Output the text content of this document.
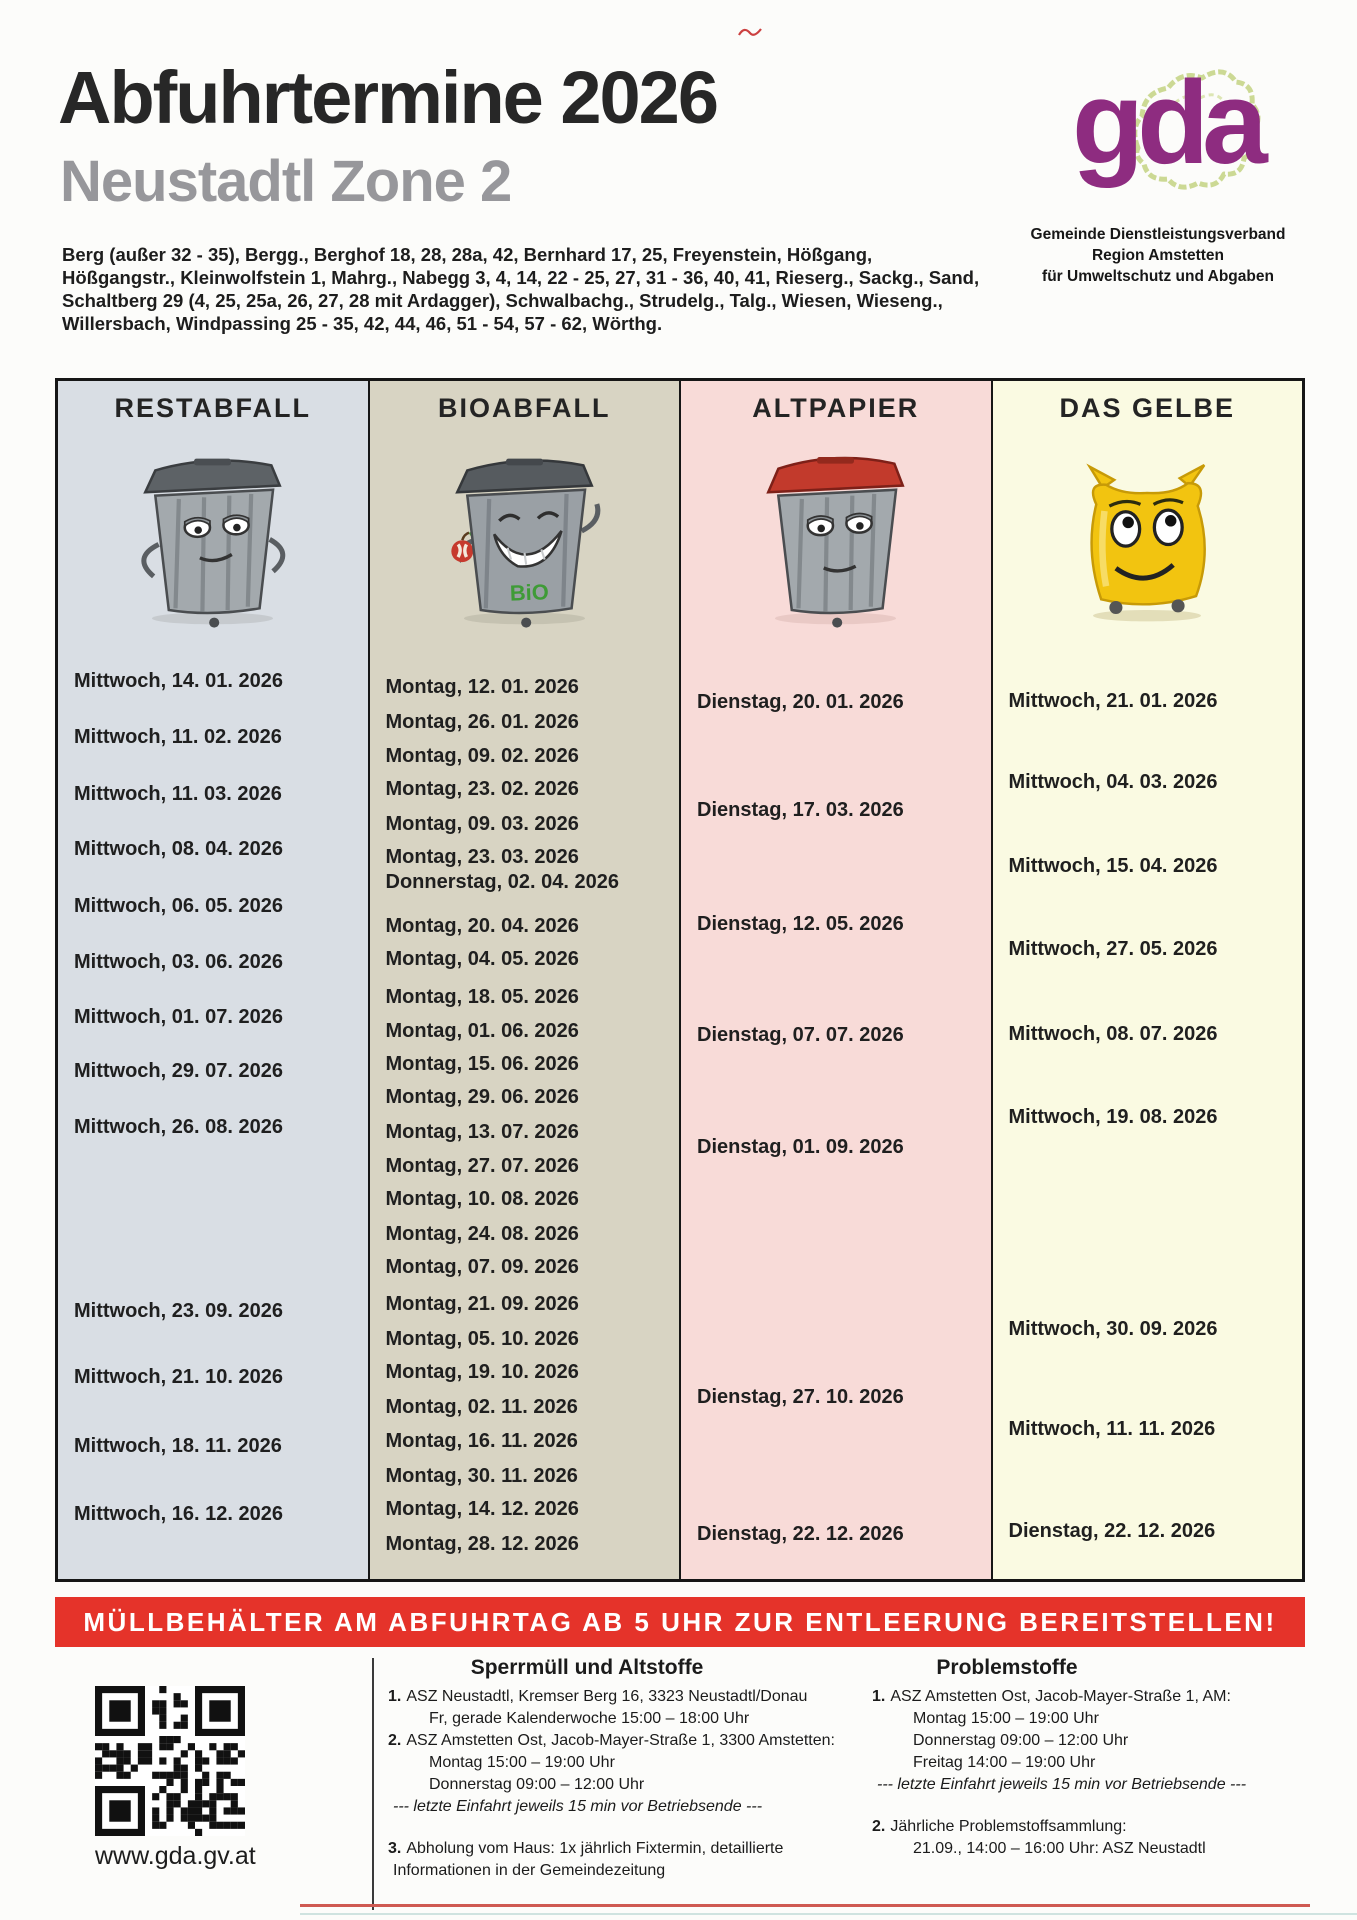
Abfuhrtermine 2026
Neustadtl Zone 2
Berg (außer 32 - 35), Bergg., Berghof 18, 28, 28a, 42, Bernhard 17, 25, Freyenstein, Hößgang,
Hößgangstr., Kleinwolfstein 1, Mahrg., Nabegg 3, 4, 14, 22 - 25, 27, 31 - 36, 40, 41, Rieserg., Sackg., Sand,
Schaltberg 29 (4, 25, 25a, 26, 27, 28 mit Ardagger), Schwalbachg., Strudelg., Talg., Wiesen, Wieseng.,
Willersbach, Windpassing 25 - 35, 42, 44, 46, 51 - 54, 57 - 62, Wörthg.
gda
Gemeinde Dienstleistungsverband
Region Amstetten
für Umweltschutz und Abgaben
RESTABFALL
Mittwoch, 14. 01. 2026
Mittwoch, 11. 02. 2026
Mittwoch, 11. 03. 2026
Mittwoch, 08. 04. 2026
Mittwoch, 06. 05. 2026
Mittwoch, 03. 06. 2026
Mittwoch, 01. 07. 2026
Mittwoch, 29. 07. 2026
Mittwoch, 26. 08. 2026
Mittwoch, 23. 09. 2026
Mittwoch, 21. 10. 2026
Mittwoch, 18. 11. 2026
Mittwoch, 16. 12. 2026
BIOABFALL
BiO
Montag, 12. 01. 2026
Montag, 26. 01. 2026
Montag, 09. 02. 2026
Montag, 23. 02. 2026
Montag, 09. 03. 2026
Montag, 23. 03. 2026
Donnerstag, 02. 04. 2026
Montag, 20. 04. 2026
Montag, 04. 05. 2026
Montag, 18. 05. 2026
Montag, 01. 06. 2026
Montag, 15. 06. 2026
Montag, 29. 06. 2026
Montag, 13. 07. 2026
Montag, 27. 07. 2026
Montag, 10. 08. 2026
Montag, 24. 08. 2026
Montag, 07. 09. 2026
Montag, 21. 09. 2026
Montag, 05. 10. 2026
Montag, 19. 10. 2026
Montag, 02. 11. 2026
Montag, 16. 11. 2026
Montag, 30. 11. 2026
Montag, 14. 12. 2026
Montag, 28. 12. 2026
ALTPAPIER
Dienstag, 20. 01. 2026
Dienstag, 17. 03. 2026
Dienstag, 12. 05. 2026
Dienstag, 07. 07. 2026
Dienstag, 01. 09. 2026
Dienstag, 27. 10. 2026
Dienstag, 22. 12. 2026
DAS GELBE
Mittwoch, 21. 01. 2026
Mittwoch, 04. 03. 2026
Mittwoch, 15. 04. 2026
Mittwoch, 27. 05. 2026
Mittwoch, 08. 07. 2026
Mittwoch, 19. 08. 2026
Mittwoch, 30. 09. 2026
Mittwoch, 11. 11. 2026
Dienstag, 22. 12. 2026
MÜLLBEHÄLTER AM ABFUHRTAG AB 5 UHR ZUR ENTLEERUNG BEREITSTELLEN!
www.gda.gv.at
Sperrmüll und Altstoffe
1. ASZ Neustadtl, Kremser Berg 16, 3323 Neustadtl/Donau
Fr, gerade Kalenderwoche 15:00 – 18:00 Uhr
2. ASZ Amstetten Ost, Jacob-Mayer-Straße 1, 3300 Amstetten:
Montag 15:00 – 19:00 Uhr
Donnerstag 09:00 – 12:00 Uhr
--- letzte Einfahrt jeweils 15 min vor Betriebsende ---
3. Abholung vom Haus: 1x jährlich Fixtermin, detaillierte
Informationen in der Gemeindezeitung
Problemstoffe
1. ASZ Amstetten Ost, Jacob-Mayer-Straße 1, AM:
Montag 15:00 – 19:00 Uhr
Donnerstag 09:00 – 12:00 Uhr
Freitag 14:00 – 19:00 Uhr
--- letzte Einfahrt jeweils 15 min vor Betriebsende ---
2. Jährliche Problemstoffsammlung:
21.09., 14:00 – 16:00 Uhr: ASZ Neustadtl
